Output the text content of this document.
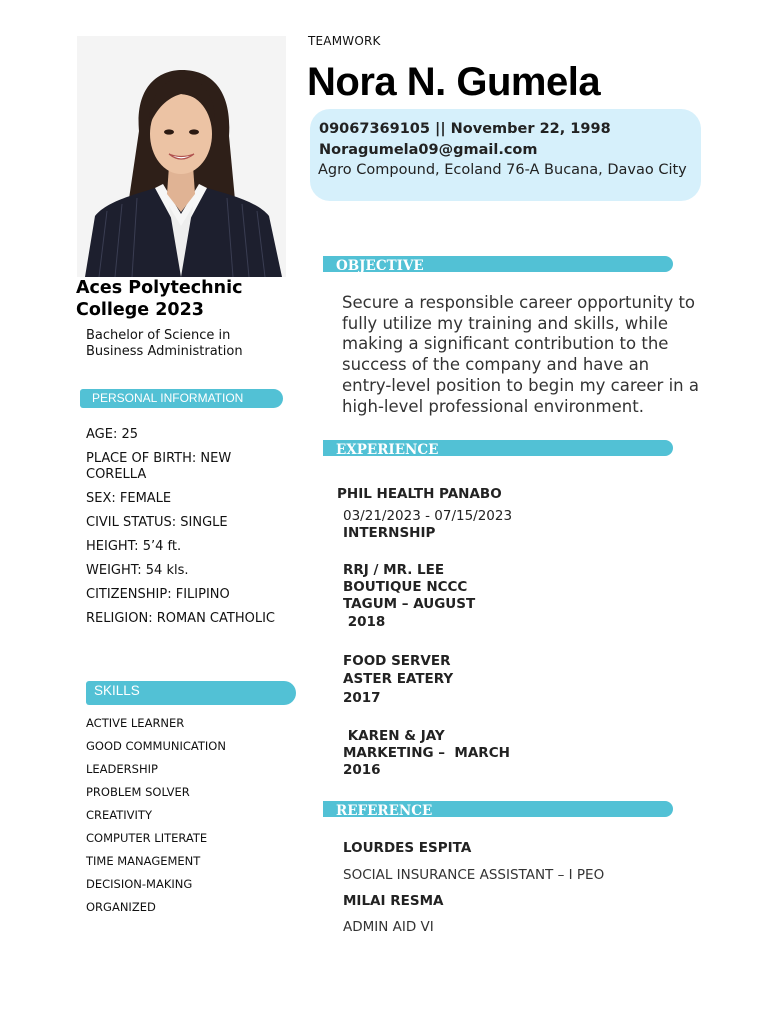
TEAMWORK
Nora N. Gumela
09067369105 || November 22, 1998
Noragumela09@gmail.com
Agro Compound, Ecoland 76-A Bucana, Davao City
Aces Polytechnic College 2023
Bachelor of Science in Business Administration
PERSONAL INFORMATION
AGE: 25
PLACE OF BIRTH: NEW CORELLA
SEX: FEMALE
CIVIL STATUS: SINGLE
HEIGHT: 5’4 ft.
WEIGHT: 54 kls.
CITIZENSHIP: FILIPINO
RELIGION: ROMAN CATHOLIC
SKILLS
ACTIVE LEARNER
GOOD COMMUNICATION
LEADERSHIP
PROBLEM SOLVER
CREATIVITY
COMPUTER LITERATE
TIME MANAGEMENT
DECISION-MAKING
ORGANIZED
OBJECTIVE
Secure a responsible career opportunity to fully utilize my training and skills, while making a significant contribution to the success of the company and have an entry-level position to begin my career in a high-level professional environment.
EXPERIENCE
PHIL HEALTH PANABO
03/21/2023 - 07/15/2023
INTERNSHIP
RRJ / MR. LEE
BOUTIQUE NCCC
TAGUM – AUGUST
2018
FOOD SERVER
ASTER EATERY
2017
KAREN & JAY
MARKETING –  MARCH
2016
REFERENCE
LOURDES ESPITA
SOCIAL INSURANCE ASSISTANT – I PEO
MILAI RESMA
ADMIN AID VI
